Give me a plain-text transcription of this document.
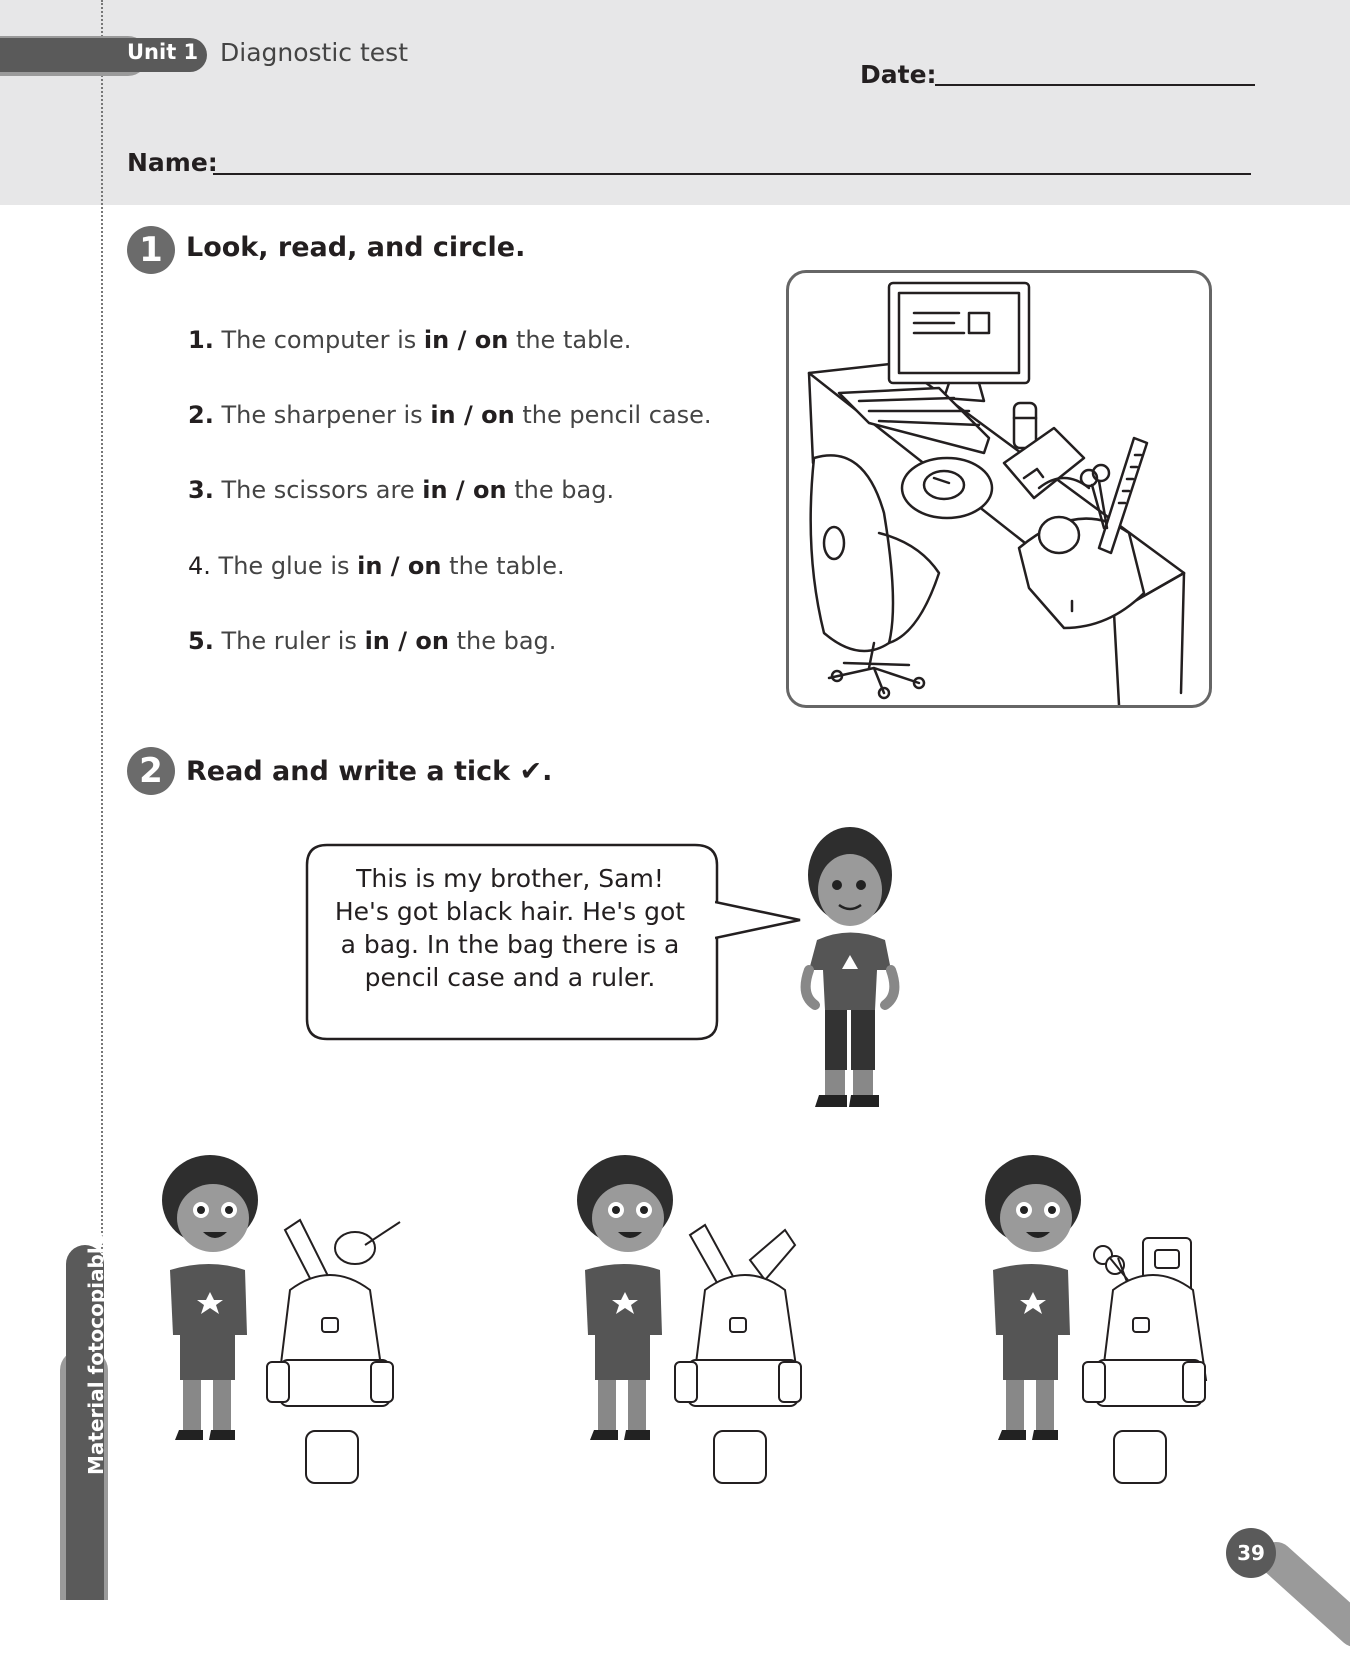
Unit 1 Diagnostic test
Date:
Name:
1 Look, read, and circle.
1. The computer is in / on the table.
2. The sharpener is in / on the pencil case.
3. The scissors are in / on the bag.
4. The glue is in / on the table.
5. The ruler is in / on the bag.
2 Read and write a tick ✔.
This is my brother, Sam!
He's got black hair. He's got
a bag. In the bag there is a
pencil case and a ruler.
Material fotocopiable
39
